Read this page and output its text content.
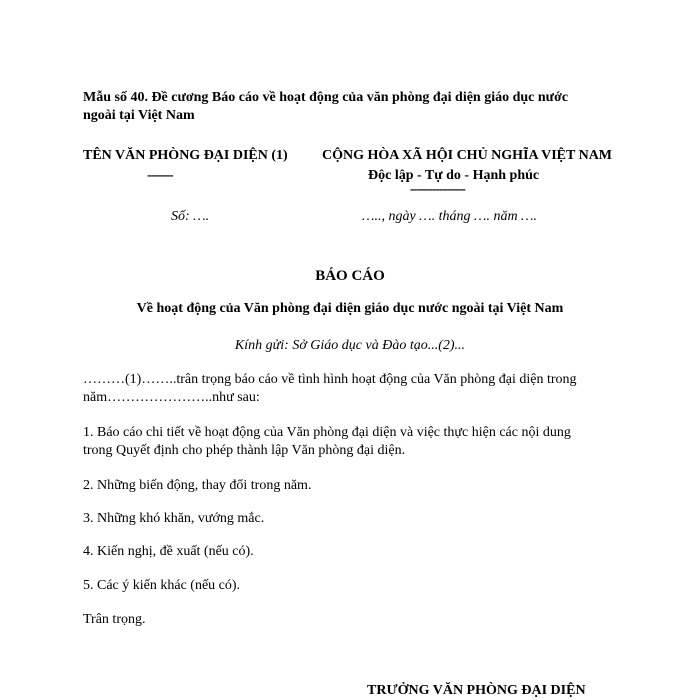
Mẫu số 40. Đề cương Báo cáo về hoạt động của văn phòng đại diện giáo dục nước
ngoài tại Việt Nam
TÊN VĂN PHÒNG ĐẠI DIỆN (1) CỘNG HÒA XÃ HỘI CHỦ NGHĨA VIỆT NAM
-------	Độc lập - Tự do - Hạnh phúc
---------------
Số: ….	….., ngày …. tháng …. năm ….
BÁO CÁO
Về hoạt động của Văn phòng đại diện giáo dục nước ngoài tại Việt Nam
Kính gửi: Sở Giáo dục và Đào tạo...(2)...
………(1)……..trân trọng báo cáo về tình hình hoạt động của Văn phòng đại diện trong
năm…………………..như sau:
1. Báo cáo chi tiết về hoạt động của Văn phòng đại diện và việc thực hiện các nội dung
trong Quyết định cho phép thành lập Văn phòng đại diện.
2. Những biến động, thay đổi trong năm.
3. Những khó khăn, vướng mắc.
4. Kiến nghị, đề xuất (nếu có).
5. Các ý kiến khác (nếu có).
Trân trọng.
TRƯỞNG VĂN PHÒNG ĐẠI DIỆN
